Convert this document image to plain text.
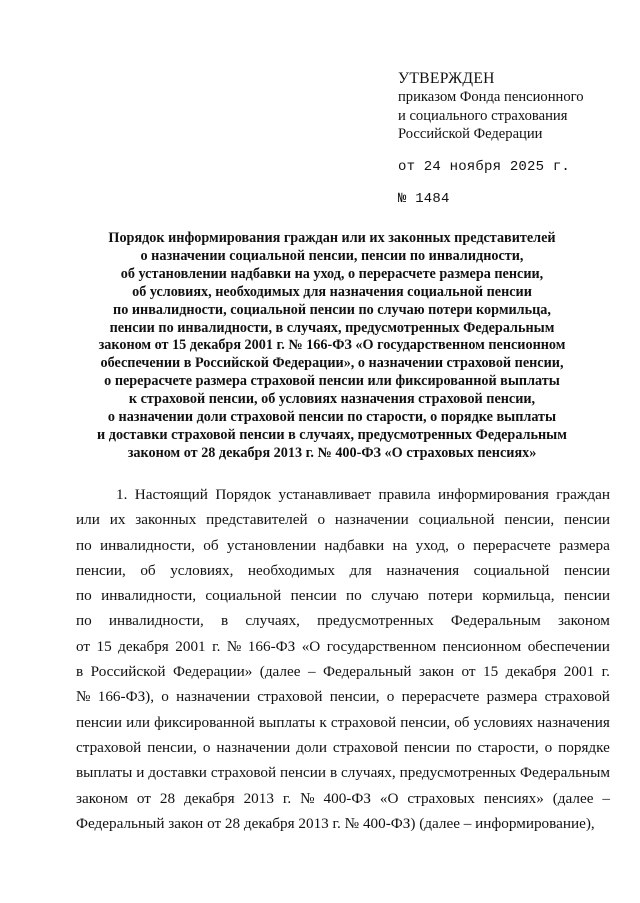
УТВЕРЖДЕН
приказом Фонда пенсионного
и социального страхования
Российской Федерации
от 24 ноября 2025 г.
№ 1484
Порядок информирования граждан или их законных представителей
о назначении социальной пенсии, пенсии по инвалидности,
об установлении надбавки на уход, о перерасчете размера пенсии,
об условиях, необходимых для назначения социальной пенсии
по инвалидности, социальной пенсии по случаю потери кормильца,
пенсии по инвалидности, в случаях, предусмотренных Федеральным
законом от 15 декабря 2001 г. № 166-ФЗ «О государственном пенсионном
обеспечении в Российской Федерации», о назначении страховой пенсии,
о перерасчете размера страховой пенсии или фиксированной выплаты
к страховой пенсии, об условиях назначения страховой пенсии,
о назначении доли страховой пенсии по старости, о порядке выплаты
и доставки страховой пенсии в случаях, предусмотренных Федеральным
законом от 28 декабря 2013 г. № 400-ФЗ «О страховых пенсиях»
1. Настоящий Порядок устанавливает правила информирования граждан
или их законных представителей о назначении социальной пенсии, пенсии
по инвалидности, об установлении надбавки на уход, о перерасчете размера
пенсии, об условиях, необходимых для назначения социальной пенсии
по инвалидности, социальной пенсии по случаю потери кормильца, пенсии
по инвалидности, в случаях, предусмотренных Федеральным законом
от 15 декабря 2001 г. № 166-ФЗ «О государственном пенсионном обеспечении
в Российской Федерации» (далее – Федеральный закон от 15 декабря 2001 г.
№ 166-ФЗ), о назначении страховой пенсии, о перерасчете размера страховой
пенсии или фиксированной выплаты к страховой пенсии, об условиях назначения
страховой пенсии, о назначении доли страховой пенсии по старости, о порядке
выплаты и доставки страховой пенсии в случаях, предусмотренных Федеральным
законом от 28 декабря 2013 г. № 400-ФЗ «О страховых пенсиях» (далее –
Федеральный закон от 28 декабря 2013 г. № 400-ФЗ) (далее – информирование),
